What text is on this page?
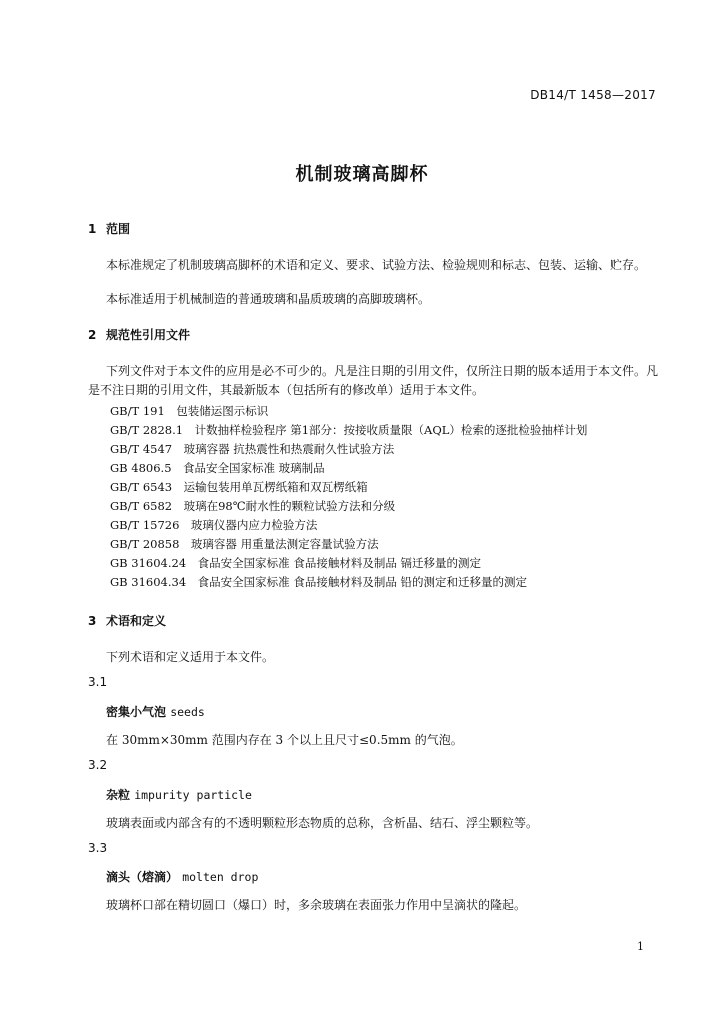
DB14/T 1458—2017
机制玻璃高脚杯
1 范围
本标准规定了机制玻璃高脚杯的术语和定义、要求、试验方法、检验规则和标志、包装、运输、贮存。
本标准适用于机械制造的普通玻璃和晶质玻璃的高脚玻璃杯。
2 规范性引用文件
下列文件对于本文件的应用是必不可少的。凡是注日期的引用文件，仅所注日期的版本适用于本文件。凡是不注日期的引用文件，其最新版本（包括所有的修改单）适用于本文件。
GB/T 191　包装储运图示标识
GB/T 2828.1　计数抽样检验程序 第1部分：按接收质量限（AQL）检索的逐批检验抽样计划
GB/T 4547　玻璃容器 抗热震性和热震耐久性试验方法
GB 4806.5　食品安全国家标准 玻璃制品
GB/T 6543　运输包装用单瓦楞纸箱和双瓦楞纸箱
GB/T 6582　玻璃在98℃耐水性的颗粒试验方法和分级
GB/T 15726　玻璃仪器内应力检验方法
GB/T 20858　玻璃容器 用重量法测定容量试验方法
GB 31604.24　食品安全国家标准 食品接触材料及制品 镉迁移量的测定
GB 31604.34　食品安全国家标准 食品接触材料及制品 铅的测定和迁移量的测定
3 术语和定义
下列术语和定义适用于本文件。
3.1
密集小气泡 seeds
在 30mm×30mm 范围内存在 3 个以上且尺寸≤0.5mm 的气泡。
3.2
杂粒 impurity particle
玻璃表面或内部含有的不透明颗粒形态物质的总称，含析晶、结石、浮尘颗粒等。
3.3
滴头（熔滴） molten drop
玻璃杯口部在精切圆口（爆口）时，多余玻璃在表面张力作用中呈滴状的隆起。
1
